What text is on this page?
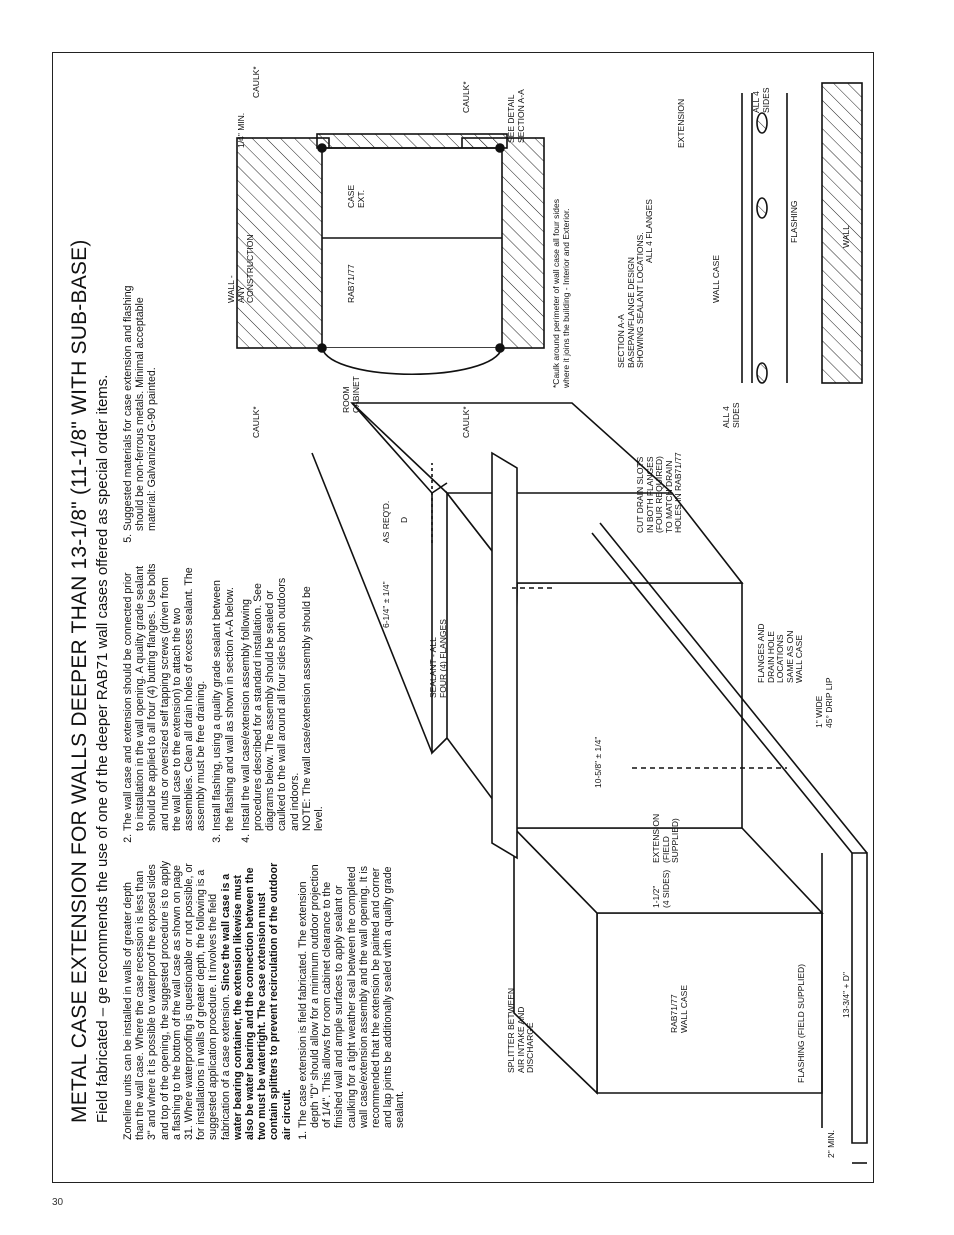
30
METAL CASE EXTENSION FOR WALLS DEEPER THAN 13-1/8" (11-1/8" WITH SUB-BASE) Field fabricated – ge recommends the use of one of the deeper RAB71 wall cases offered as special order items. Zoneline units can be installed in walls of greater depth than the wall case. Where the case recession is less than 3" and where it is possible to waterproof the exposed sides and top of the opening, the suggested procedure is to apply a flashing to the bottom of the wall case as shown on page 31. Where waterproofing is questionable or not possible, or for installations in walls of greater depth, the following is a suggested application procedure. It involves the field fabrication of a case extension. Since the wall case is a water bearing container, the extension likewise must also be water bearing and the connection between the two must be watertight. The case extension must contain splitters to prevent recirculation of the outdoor air circuit. 1. The case extension is field fabricated. The extension depth "D" should allow for a minimum outdoor projection of 1/4". This allows for room cabinet clearance to the finished wall and ample surfaces to apply sealant or caulking for a tight weather seal between the completed wall case/extension assembly and the wall opening. It is recommended that the extension be painted and corner and lap joints be additionally sealed with a quality grade sealant.
2. The wall case and extension should be connected prior to installation in the wall opening. A quality grade sealant should be applied to all four (4) butting flanges. Use bolts and nuts or oversized self tapping screws (driven from the wall case to the extension) to attach the two assemblies. Clean all drain holes of excess sealant. The assembly must be free draining. 3. Install flashing, using a quality grade sealant between the flashing and wall as shown in section A-A below. 4. Install the wall case/extension assembly following procedures described for a standard installation. See diagrams below. The assembly should be sealed or caulked to the wall around all four sides both outdoors and indoors.
NOTE: The wall case/extension assembly should be level.
5. Suggested materials for case extension and flashing should be non-ferrous metals. Minimal acceptable material: Galvanized G-90 painted.
SPLITTER BETWEEN
AIR INTAKE AND
DISCHARGE
SEALANT - ALL
FOUR (4) FLANGES
6-1/4" ± 1/4"
AS REQ'D. D	CUT DRAIN SLOTS
IN BOTH FLANGES
(FOUR REQUIRED)
TO MATCH DRAIN
HOLES IN RAB71/77
RAB71/77
WALL CASE
1-1/2"
(4 SIDES)
EXTENSION
(FIELD
SUPPLIED)
10-5/8" ± 1/4"
FLANGES AND
DRAIN HOLE
LOCATIONS
SAME AS ON
WALL CASE
1" WIDE
45° DRIP LIP
FLASHING (FIELD SUPPLIED)	13-3/4" + D"
2" MIN.
CAULK*	CAULK*
CAULK*	CAULK*
ROOM
CABINET
RAB71/77
CASE
EXT.
WALL -
ANY
CONSTRUCTION
1/4" MIN.	SEE DETAIL
SECTION A-A
*Caulk around perimeter of wall case all four sides
where it joins the building - Interior and Exterior.
SECTION A-A
BASEPAN/FLANGE DESIGN
SHOWING SEALANT LOCATIONS. ALL 4 FLANGES
EXTENSION
ALL 4
SIDES
ALL 4
SIDES
WALL CASE
FLASHING	WALL
